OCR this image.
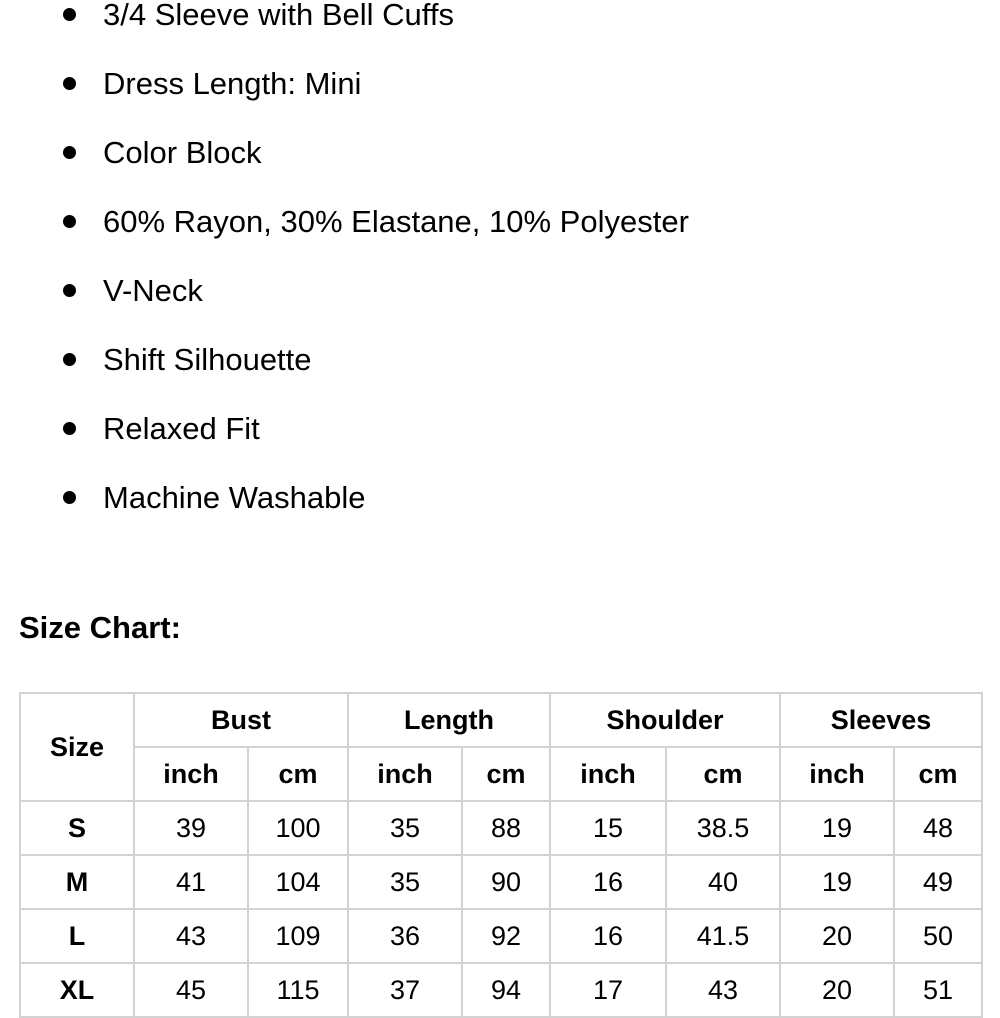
3/4 Sleeve with Bell Cuffs
Dress Length: Mini
Color Block
60% Rayon, 30% Elastane, 10% Polyester
V-Neck
Shift Silhouette
Relaxed Fit
Machine Washable
Size Chart:
Size	Bust		Length		Shoulder		Sleeves	
	inch	cm	inch	cm	inch	cm	inch	cm
S	39	100	35	88	15	38.5	19	48
M	41	104	35	90	16	40	19	49
L	43	109	36	92	16	41.5	20	50
XL	45	115	37	94	17	43	20	51
